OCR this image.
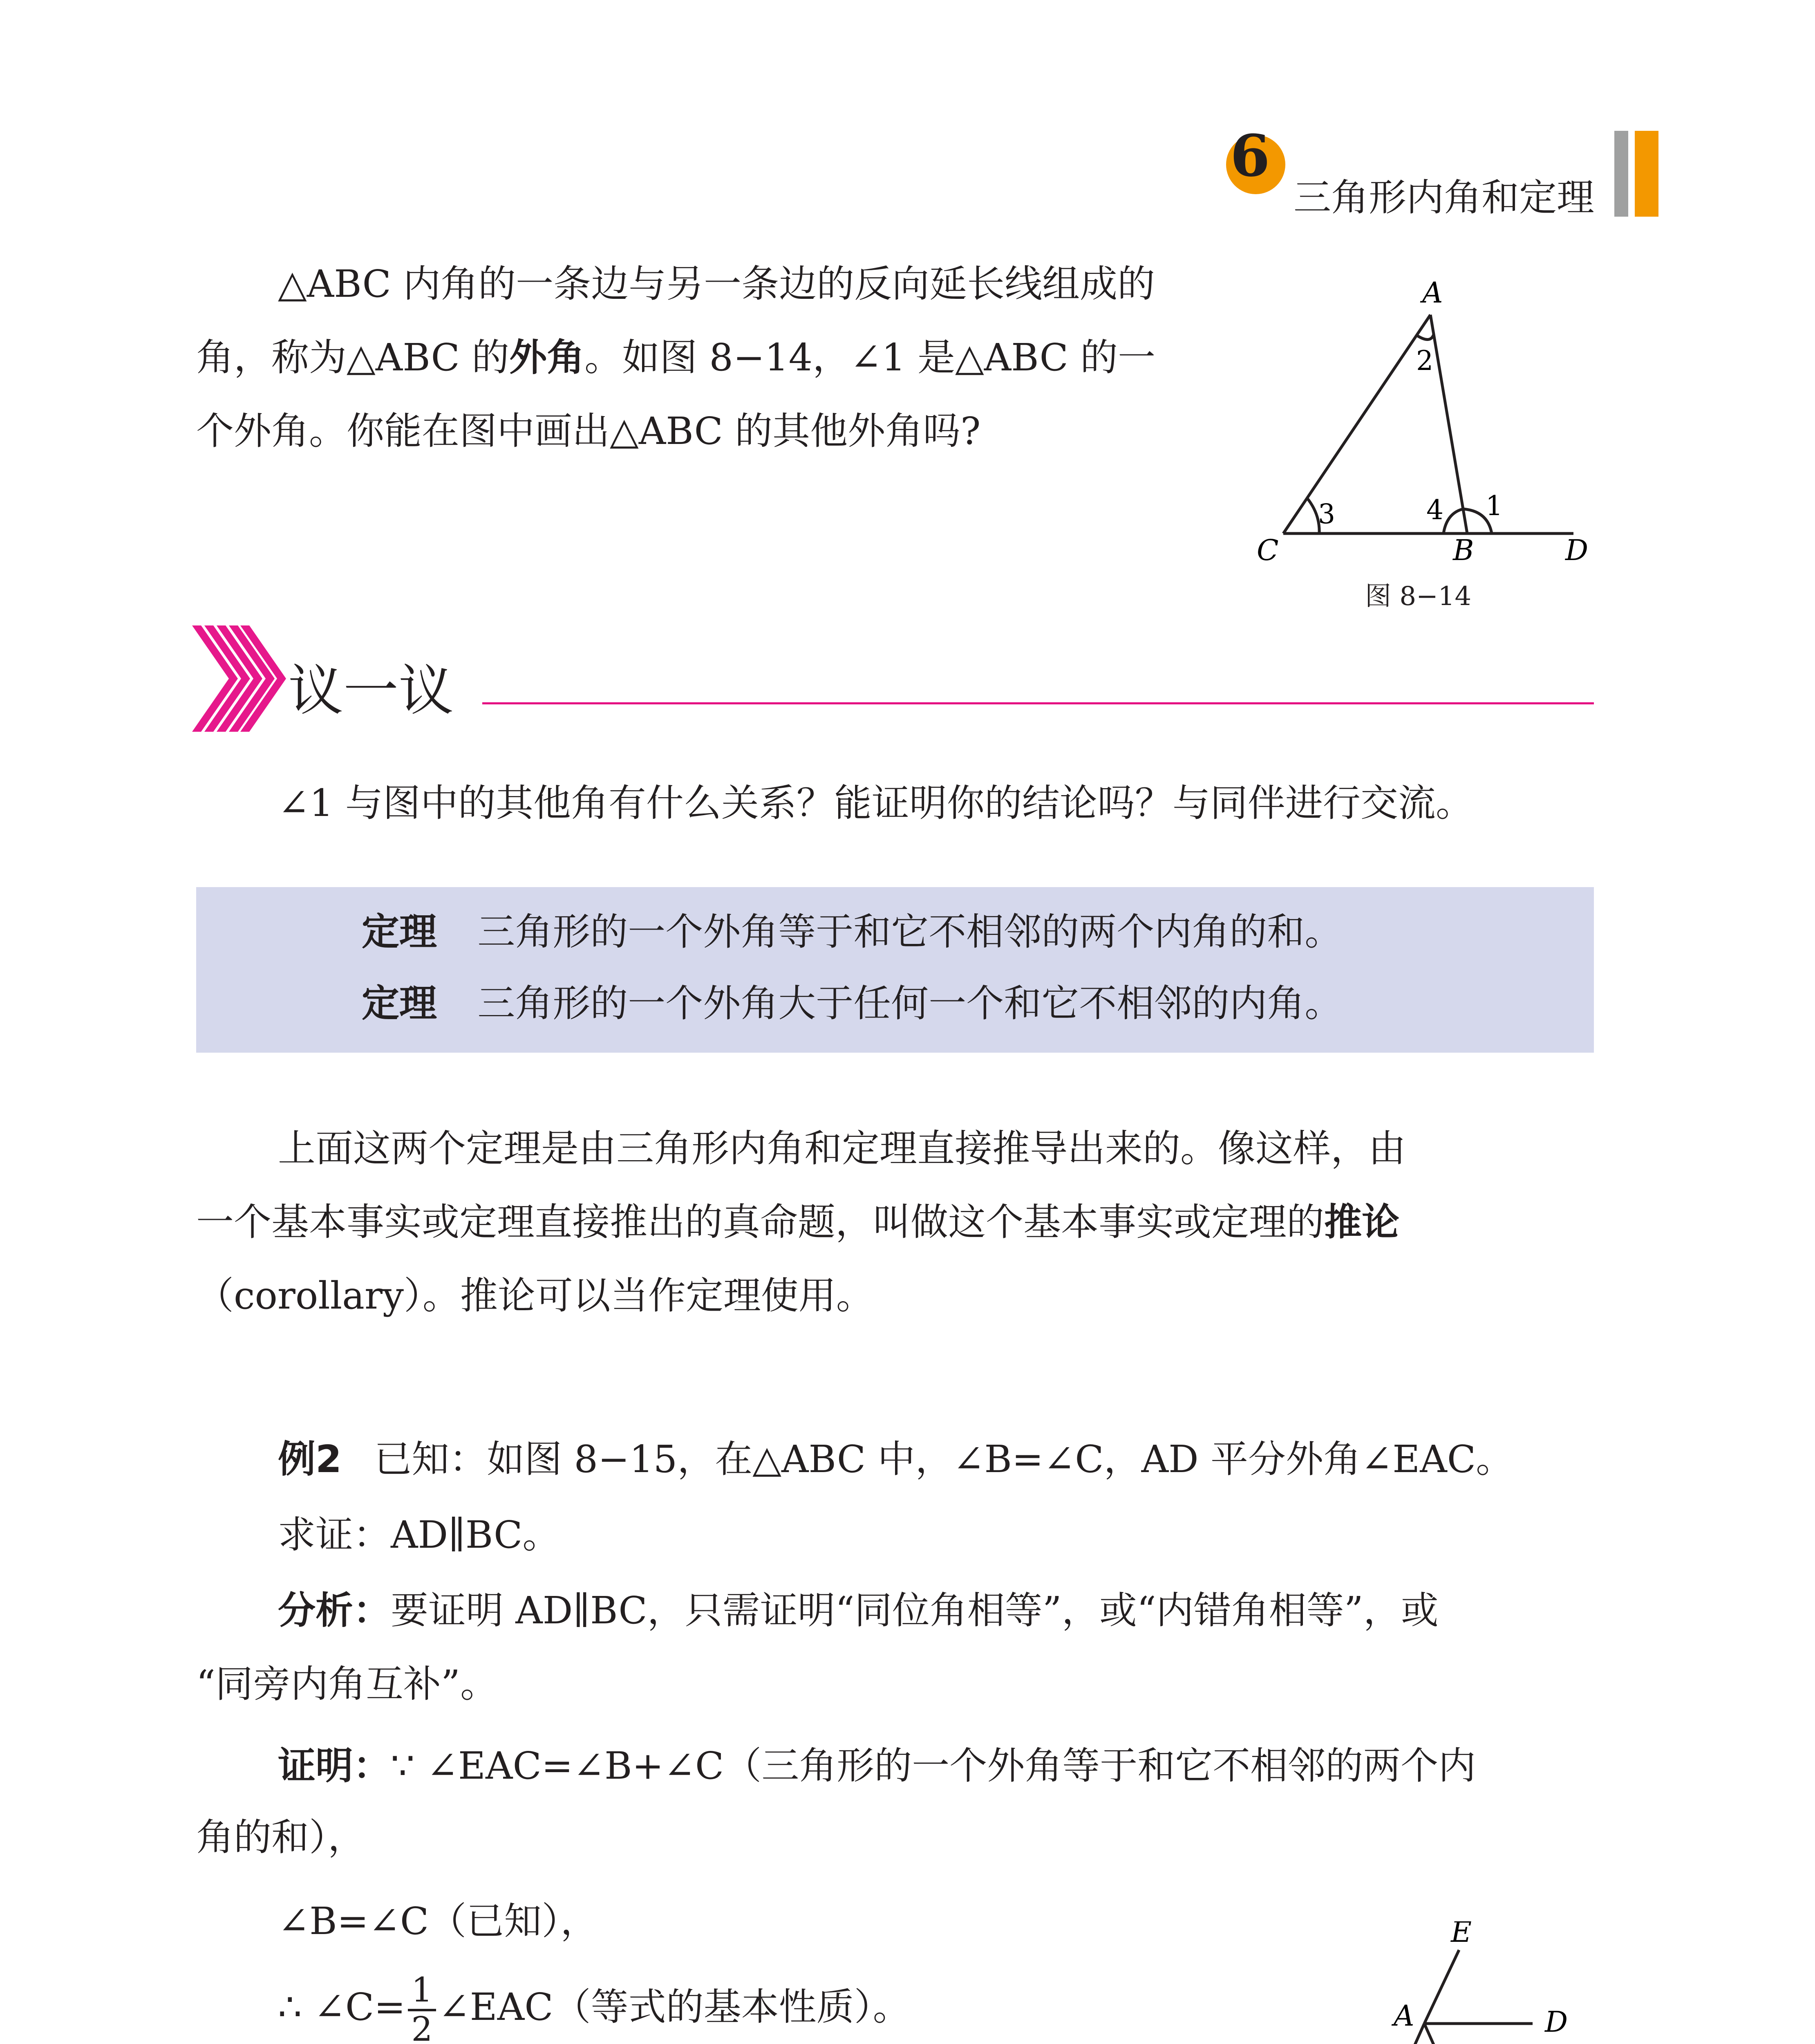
6
三角形内角和定理
△ABC 内角的一条边与另一条边的反向延长线组成的
角，称为△ABC 的外角。如图 8−14，∠1 是△ABC 的一
个外角。你能在图中画出△ABC 的其他外角吗?
A
2
3	4 1
C	B	D
图 8−14
议一议
∠1 与图中的其他角有什么关系？能证明你的结论吗？与同伴进行交流。
定理 三角形的一个外角等于和它不相邻的两个内角的和。
定理 三角形的一个外角大于任何一个和它不相邻的内角。
上面这两个定理是由三角形内角和定理直接推导出来的。像这样，由
一个基本事实或定理直接推出的真命题，叫做这个基本事实或定理的推论
（corollary）。推论可以当作定理使用。
例2 已知：如图 8−15，在△ABC 中，∠B=∠C，AD 平分外角∠EAC。
求证：AD∥BC。
分析：要证明 AD∥BC，只需证明“同位角相等”，或“内错角相等”，或
“同旁内角互补”。
证明：∵ ∠EAC=∠B+∠C（三角形的一个外角等于和它不相邻的两个内
角的和），
∠B=∠C（已知），
∴ ∠C= $\frac{1}{2}$ ∠EAC（等式的基本性质）。
E
A	D
